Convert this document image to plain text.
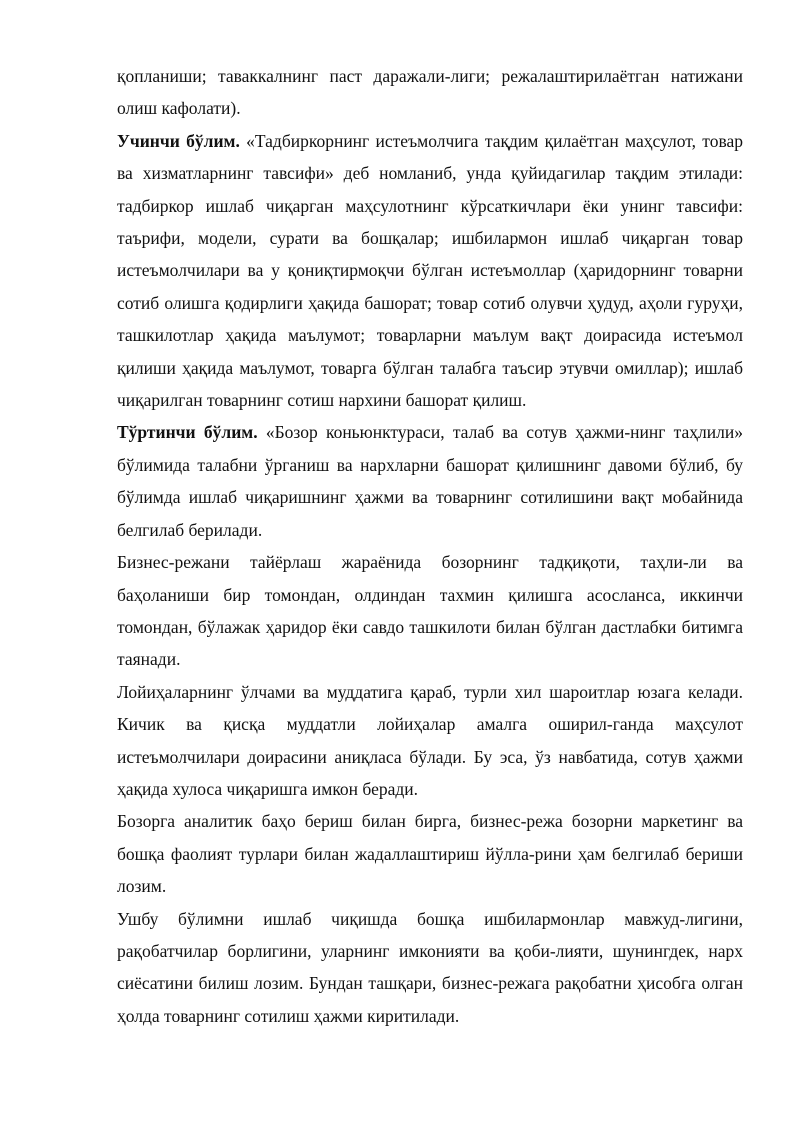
қопланиши; таваккалнинг паст даражали-лиги; режалаштирилаётган натижани олиш кафолати).

Учинчи бўлим. «Тадбиркорнинг истеъмолчига тақдим қилаётган маҳсулот, товар ва хизматларнинг тавсифи» деб номланиб, унда қуйидагилар тақдим этилади: тадбиркор ишлаб чиқарган маҳсулотнинг кўрсаткичлари ёки унинг тавсифи: таърифи, модели, сурати ва бошқалар; ишбилармон ишлаб чиқарган товар истеъмолчилари ва у қониқтирмоқчи бўлган истеъмоллар (ҳаридорнинг товарни сотиб олишга қодирлиги ҳақида башорат; товар сотиб олувчи ҳудуд, аҳоли гуруҳи, ташкилотлар ҳақида маълумот; товарларни маълум вақт доирасида истеъмол қилиши ҳақида маълумот, товарга бўлган талабга таъсир этувчи омиллар); ишлаб чиқарилган товарнинг сотиш нархини башорат қилиш.

Тўртинчи бўлим. «Бозор коньюнктураси, талаб ва сотув ҳажми-нинг таҳлили» бўлимида талабни ўрганиш ва нархларни башорат қилишнинг давоми бўлиб, бу бўлимда ишлаб чиқаришнинг ҳажми ва товарнинг сотилишини вақт мобайнида белгилаб берилади.

Бизнес-режани тайёрлаш жараёнида бозорнинг тадқиқоти, таҳли-ли ва баҳоланиши бир томондан, олдиндан тахмин қилишга асосланса, иккинчи томондан, бўлажак ҳаридор ёки савдо ташкилоти билан бўлган дастлабки битимга таянади.

Лойиҳаларнинг ўлчами ва муддатига қараб, турли хил шароитлар юзага келади. Кичик ва қисқа муддатли лойиҳалар амалга оширил-ганда маҳсулот истеъмолчилари доирасини аниқласа бўлади. Бу эса, ўз навбатида, сотув ҳажми ҳақида хулоса чиқаришга имкон беради.

Бозорга аналитик баҳо бериш билан бирга, бизнес-режа бозорни маркетинг ва бошқа фаолият турлари билан жадаллаштириш йўлла-рини ҳам белгилаб бериши лозим.

Ушбу бўлимни ишлаб чиқишда бошқа ишбилармонлар мавжуд-лигини, рақобатчилар борлигини, уларнинг имконияти ва қоби-лияти, шунингдек, нарх сиёсатини билиш лозим. Бундан ташқари, бизнес-режага рақобатни ҳисобга олган ҳолда товарнинг сотилиш ҳажми киритилади.
